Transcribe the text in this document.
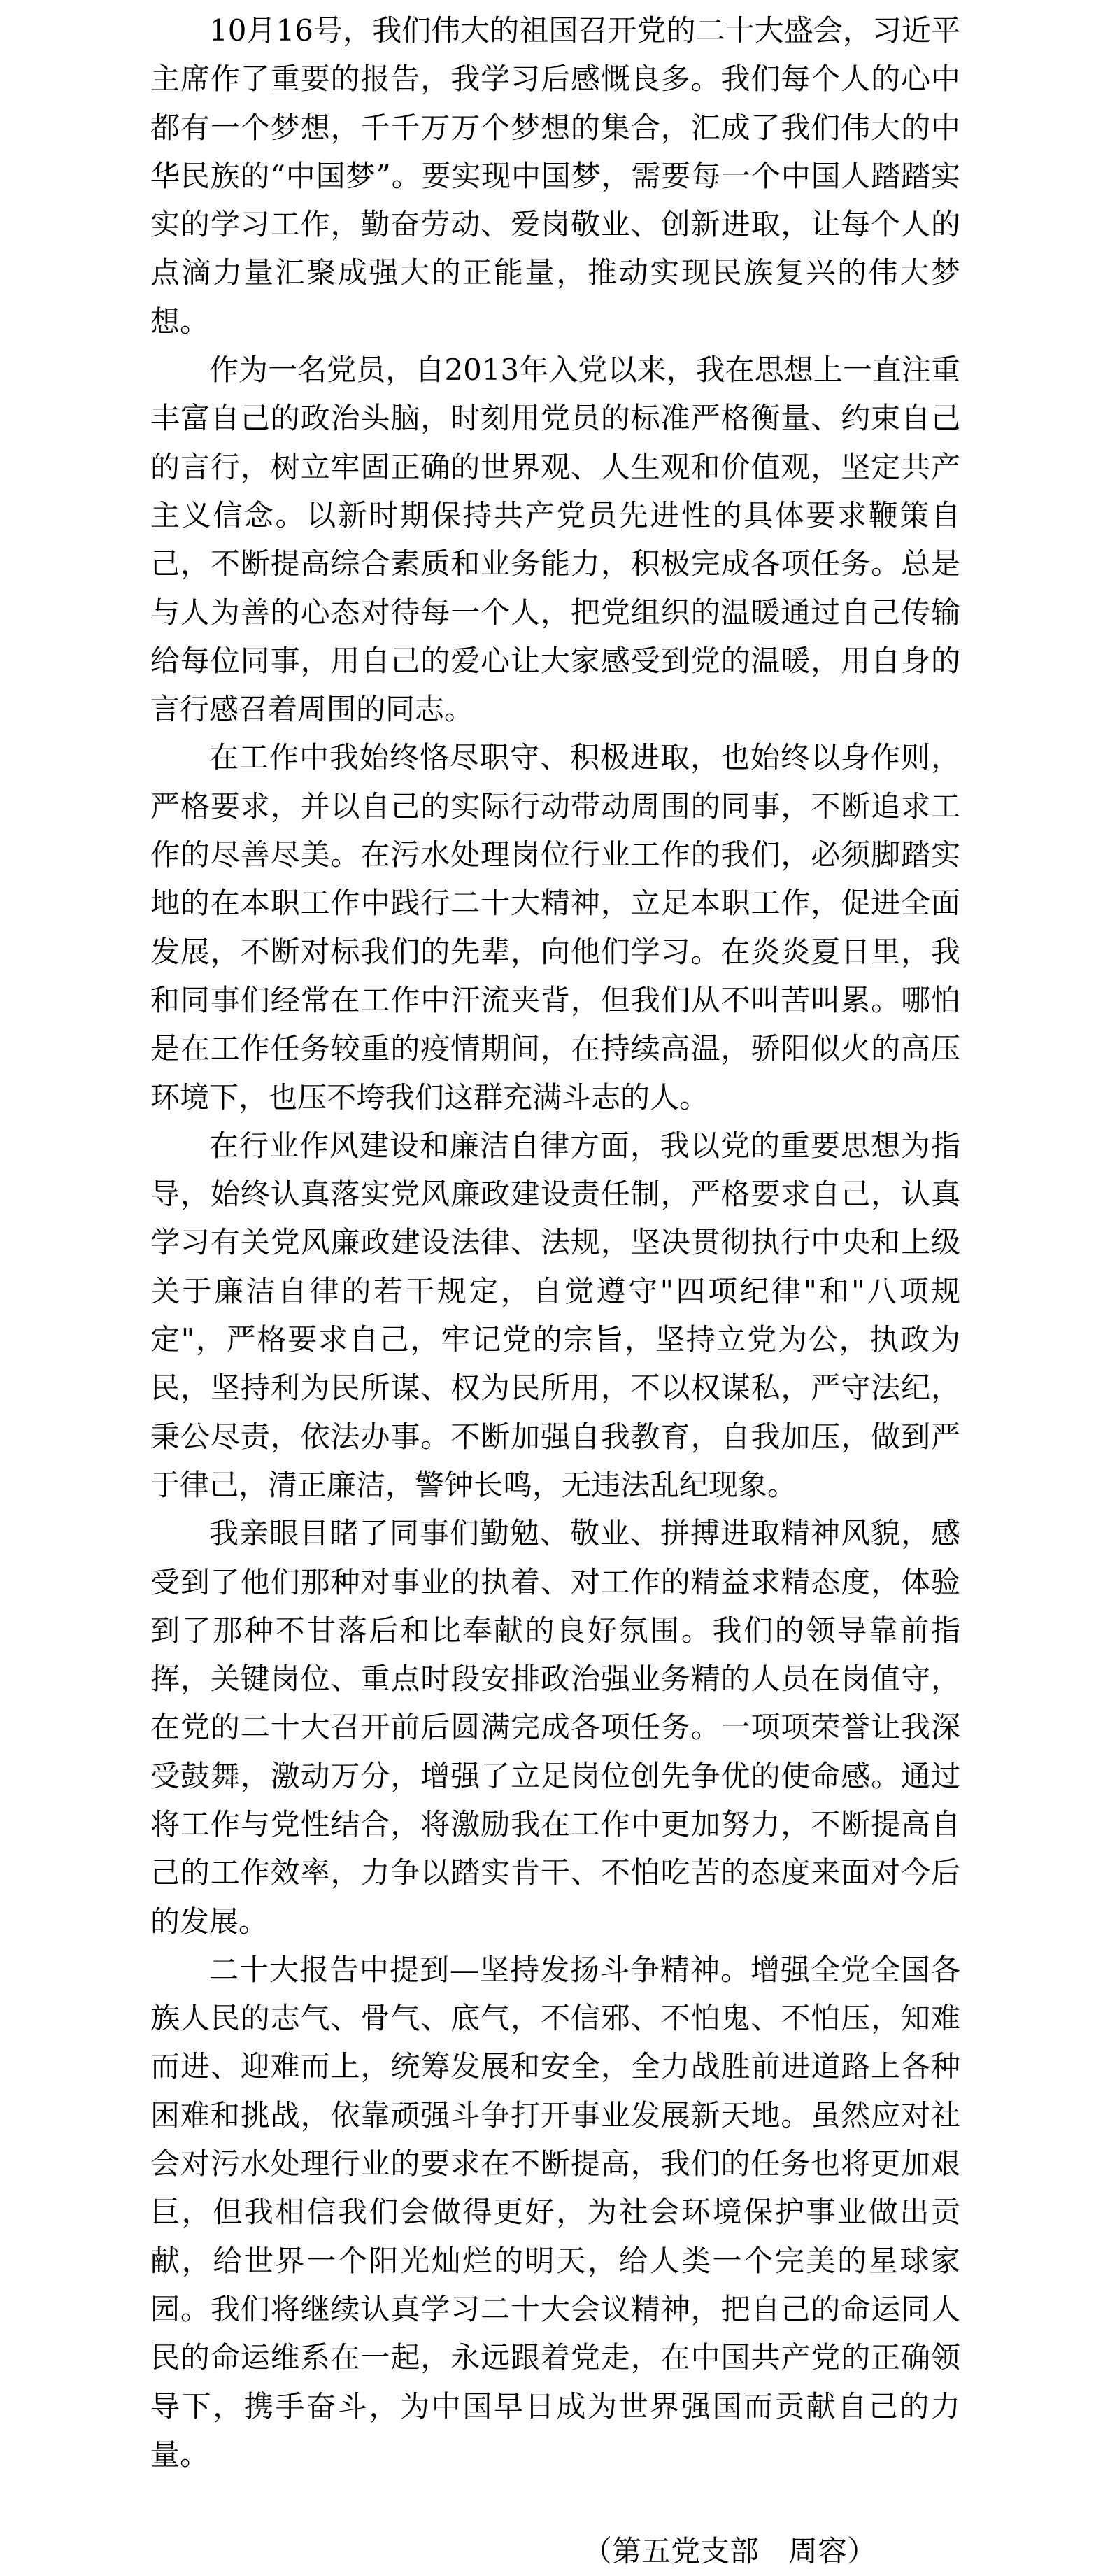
10月16号，我们伟大的祖国召开党的二十大盛会，习近平主席作了重要的报告，我学习后感慨良多。我们每个人的心中都有一个梦想，千千万万个梦想的集合，汇成了我们伟大的中华民族的“中国梦”。要实现中国梦，需要每一个中国人踏踏实实的学习工作，勤奋劳动、爱岗敬业、创新进取，让每个人的点滴力量汇聚成强大的正能量，推动实现民族复兴的伟大梦想。

作为一名党员，自2013年入党以来，我在思想上一直注重丰富自己的政治头脑，时刻用党员的标准严格衡量、约束自己的言行，树立牢固正确的世界观、人生观和价值观，坚定共产主义信念。以新时期保持共产党员先进性的具体要求鞭策自己，不断提高综合素质和业务能力，积极完成各项任务。总是与人为善的心态对待每一个人，把党组织的温暖通过自己传输给每位同事，用自己的爱心让大家感受到党的温暖，用自身的言行感召着周围的同志。

在工作中我始终恪尽职守、积极进取，也始终以身作则，严格要求，并以自己的实际行动带动周围的同事，不断追求工作的尽善尽美。在污水处理岗位行业工作的我们，必须脚踏实地的在本职工作中践行二十大精神，立足本职工作，促进全面发展，不断对标我们的先辈，向他们学习。在炎炎夏日里，我和同事们经常在工作中汗流夹背，但我们从不叫苦叫累。哪怕是在工作任务较重的疫情期间，在持续高温，骄阳似火的高压环境下，也压不垮我们这群充满斗志的人。

在行业作风建设和廉洁自律方面，我以党的重要思想为指导，始终认真落实党风廉政建设责任制，严格要求自己，认真学习有关党风廉政建设法律、法规，坚决贯彻执行中央和上级关于廉洁自律的若干规定，自觉遵守"四项纪律"和"八项规定"，严格要求自己，牢记党的宗旨，坚持立党为公，执政为民，坚持利为民所谋、权为民所用，不以权谋私，严守法纪，秉公尽责，依法办事。不断加强自我教育，自我加压，做到严于律己，清正廉洁，警钟长鸣，无违法乱纪现象。

我亲眼目睹了同事们勤勉、敬业、拼搏进取精神风貌，感受到了他们那种对事业的执着、对工作的精益求精态度，体验到了那种不甘落后和比奉献的良好氛围。我们的领导靠前指挥，关键岗位、重点时段安排政治强业务精的人员在岗值守，在党的二十大召开前后圆满完成各项任务。一项项荣誉让我深受鼓舞，激动万分，增强了立足岗位创先争优的使命感。通过将工作与党性结合，将激励我在工作中更加努力，不断提高自己的工作效率，力争以踏实肯干、不怕吃苦的态度来面对今后的发展。

二十大报告中提到—坚持发扬斗争精神。增强全党全国各族人民的志气、骨气、底气，不信邪、不怕鬼、不怕压，知难而进、迎难而上，统筹发展和安全，全力战胜前进道路上各种困难和挑战，依靠顽强斗争打开事业发展新天地。虽然应对社会对污水处理行业的要求在不断提高，我们的任务也将更加艰巨，但我相信我们会做得更好，为社会环境保护事业做出贡献，给世界一个阳光灿烂的明天，给人类一个完美的星球家园。我们将继续认真学习二十大会议精神，把自己的命运同人民的命运维系在一起，永远跟着党走，在中国共产党的正确领导下，携手奋斗，为中国早日成为世界强国而贡献自己的力量。

（第五党支部　周容）
